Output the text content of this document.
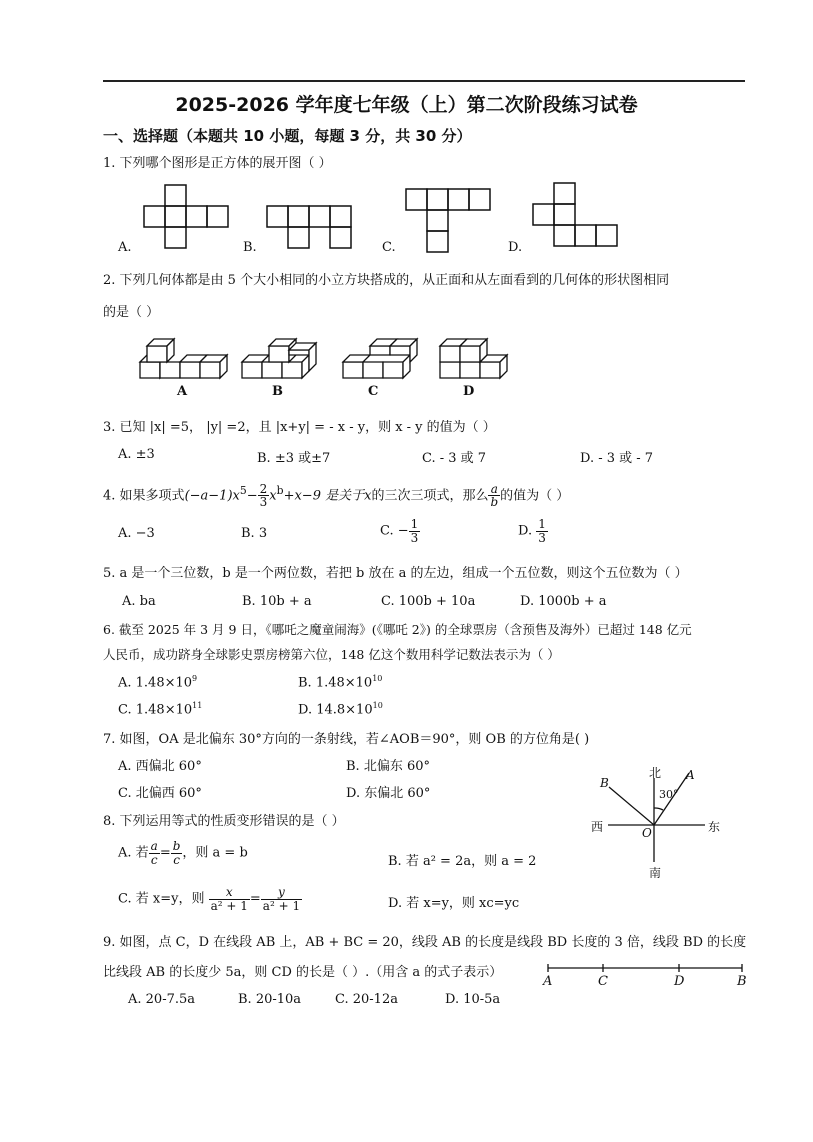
2025-2026 学年度七年级（上）第二次阶段练习试卷
一、选择题（本题共 10 小题，每题 3 分，共 30 分）
1. 下列哪个图形是正方体的展开图（ ）
A.	B.	C.	D.
2. 下列几何体都是由 5 个大小相同的小立方块搭成的，从正面和从左面看到的几何体的形状图相同
的是（ ）
A	B	C	D
3. 已知 |x| =5， |y| =2，且 |x+y| = - x - y，则 x - y 的值为（ ）
A. ±3	B. ±3 或±7	C. - 3 或 7	D. - 3 或 - 7
4. 如果多项式$(-a-1)x^5- \frac{2}{3} x^b+x-9$ 是关于x的三次三项式，那么 $\frac{a}{b}$ 的值为（ ）
A. −3	B. 3	C. − $\frac{1}{3}$	D. $\frac{1}{3}$
5. a 是一个三位数，b 是一个两位数，若把 b 放在 a 的左边，组成一个五位数，则这个五位数为（ ）
A. ba	B. 10b + a	C. 100b + 10a	D. 1000b + a
6. 截至 2025 年 3 月 9 日，《哪吒之魔童闹海》(《哪吒 2》) 的全球票房（含预售及海外）已超过 148 亿元
人民币，成功跻身全球影史票房榜第六位，148 亿这个数用科学记数法表示为（ ）
A. $1.48\times 10^9$	B. $1.48\times 10^{10}$
C. $1.48\times 10^{11}$	D. $14.8\times 10^{10}$
7. 如图，OA 是北偏东 30°方向的一条射线，若∠AOB＝90°，则 OB 的方位角是( )
A. 西偏北 60°	B. 北偏东 60°
C. 北偏西 60°	D. 东偏北 60°
北
南
西	东
A
B
O
30°
8. 下列运用等式的性质变形错误的是（ ）
A. 若 $\frac{a}{c} = \frac{b}{c}$ ，则 a = b
B. 若 a² = 2a，则 a = 2
C. 若 x=y，则 $\frac{x}{\text{a² + 1}} = \frac{y}{\text{a² + 1}}$	D. 若 x=y，则 xc=yc
9. 如图，点 C，D 在线段 AB 上，AB + BC = 20，线段 AB 的长度是线段 BD 长度的 3 倍，线段 BD 的长度
比线段 AB 的长度少 5a，则 CD 的长是（ ）.（用含 a 的式子表示）
A	C	D	B
A. 20-7.5a	B. 20-10a	C. 20-12a	D. 10-5a
